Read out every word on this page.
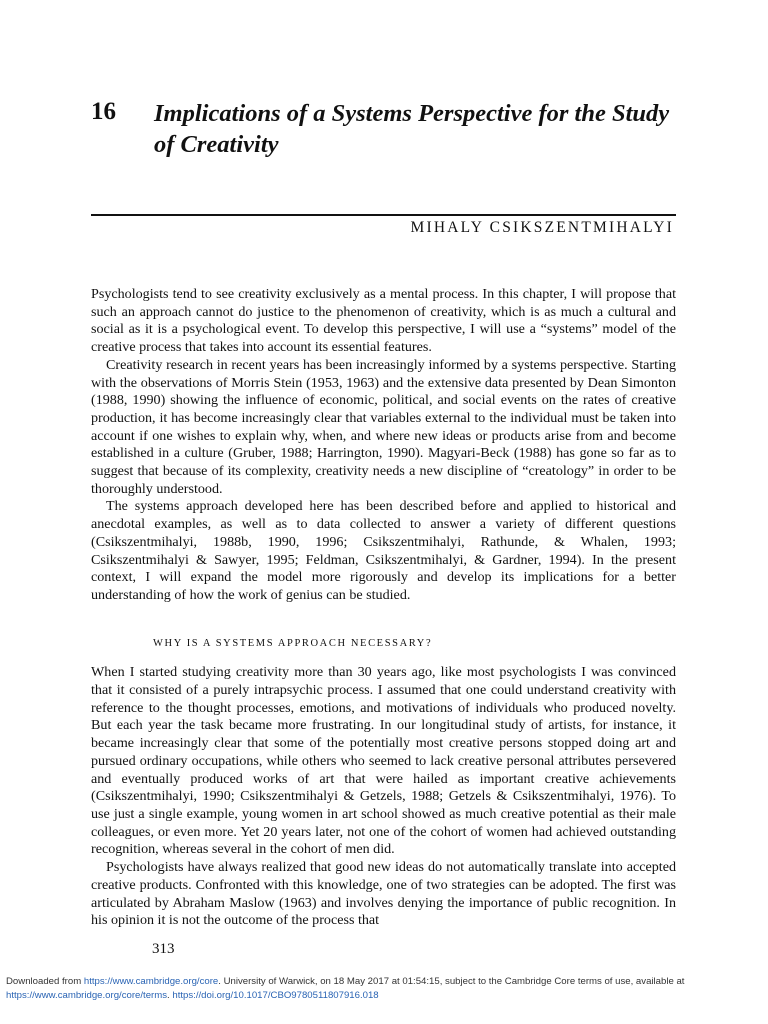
16 Implications of a Systems Perspective for the Study of Creativity
MIHALY CSIKSZENTMIHALYI

Psychologists tend to see creativity exclusively as a mental process. In this chapter, I will propose that such an approach cannot do justice to the phenomenon of creativity, which is as much a cultural and social as it is a psychological event. To develop this perspective, I will use a “systems” model of the creative process that takes into account its essential features.

Creativity research in recent years has been increasingly informed by a systems perspective. Starting with the observations of Morris Stein (1953, 1963) and the extensive data presented by Dean Simonton (1988, 1990) showing the influence of economic, political, and social events on the rates of creative production, it has become increasingly clear that variables external to the individual must be taken into account if one wishes to explain why, when, and where new ideas or products arise from and become established in a culture (Gruber, 1988; Harrington, 1990). Magyari-Beck (1988) has gone so far as to suggest that because of its complexity, creativity needs a new discipline of “creatology” in order to be thoroughly understood.

The systems approach developed here has been described before and applied to historical and anecdotal examples, as well as to data collected to answer a variety of different questions (Csikszentmihalyi, 1988b, 1990, 1996; Csikszentmihalyi, Rathunde, & Whalen, 1993; Csikszentmihalyi & Sawyer, 1995; Feldman, Csikszentmihalyi, & Gardner, 1994). In the present context, I will expand the model more rigorously and develop its implications for a better understanding of how the work of genius can be studied.

WHY IS A SYSTEMS APPROACH NECESSARY?

When I started studying creativity more than 30 years ago, like most psychologists I was convinced that it consisted of a purely intrapsychic process. I assumed that one could understand creativity with reference to the thought processes, emotions, and motivations of individuals who produced novelty. But each year the task became more frustrating. In our longitudinal study of artists, for instance, it became increasingly clear that some of the potentially most creative persons stopped doing art and pursued ordinary occupations, while others who seemed to lack creative personal attributes persevered and eventually produced works of art that were hailed as important creative achievements (Csikszentmihalyi, 1990; Csikszentmihalyi & Getzels, 1988; Getzels & Csikszentmihalyi, 1976). To use just a single example, young women in art school showed as much creative potential as their male colleagues, or even more. Yet 20 years later, not one of the cohort of women had achieved outstanding recognition, whereas several in the cohort of men did.

Psychologists have always realized that good new ideas do not automatically translate into accepted creative products. Confronted with this knowledge, one of two strategies can be adopted. The first was articulated by Abraham Maslow (1963) and involves denying the importance of public recognition. In his opinion it is not the outcome of the process that

313
Downloaded from https://www.cambridge.org/core. University of Warwick, on 18 May 2017 at 01:54:15, subject to the Cambridge Core terms of use, available at https://www.cambridge.org/core/terms. https://doi.org/10.1017/CBO9780511807916.018
